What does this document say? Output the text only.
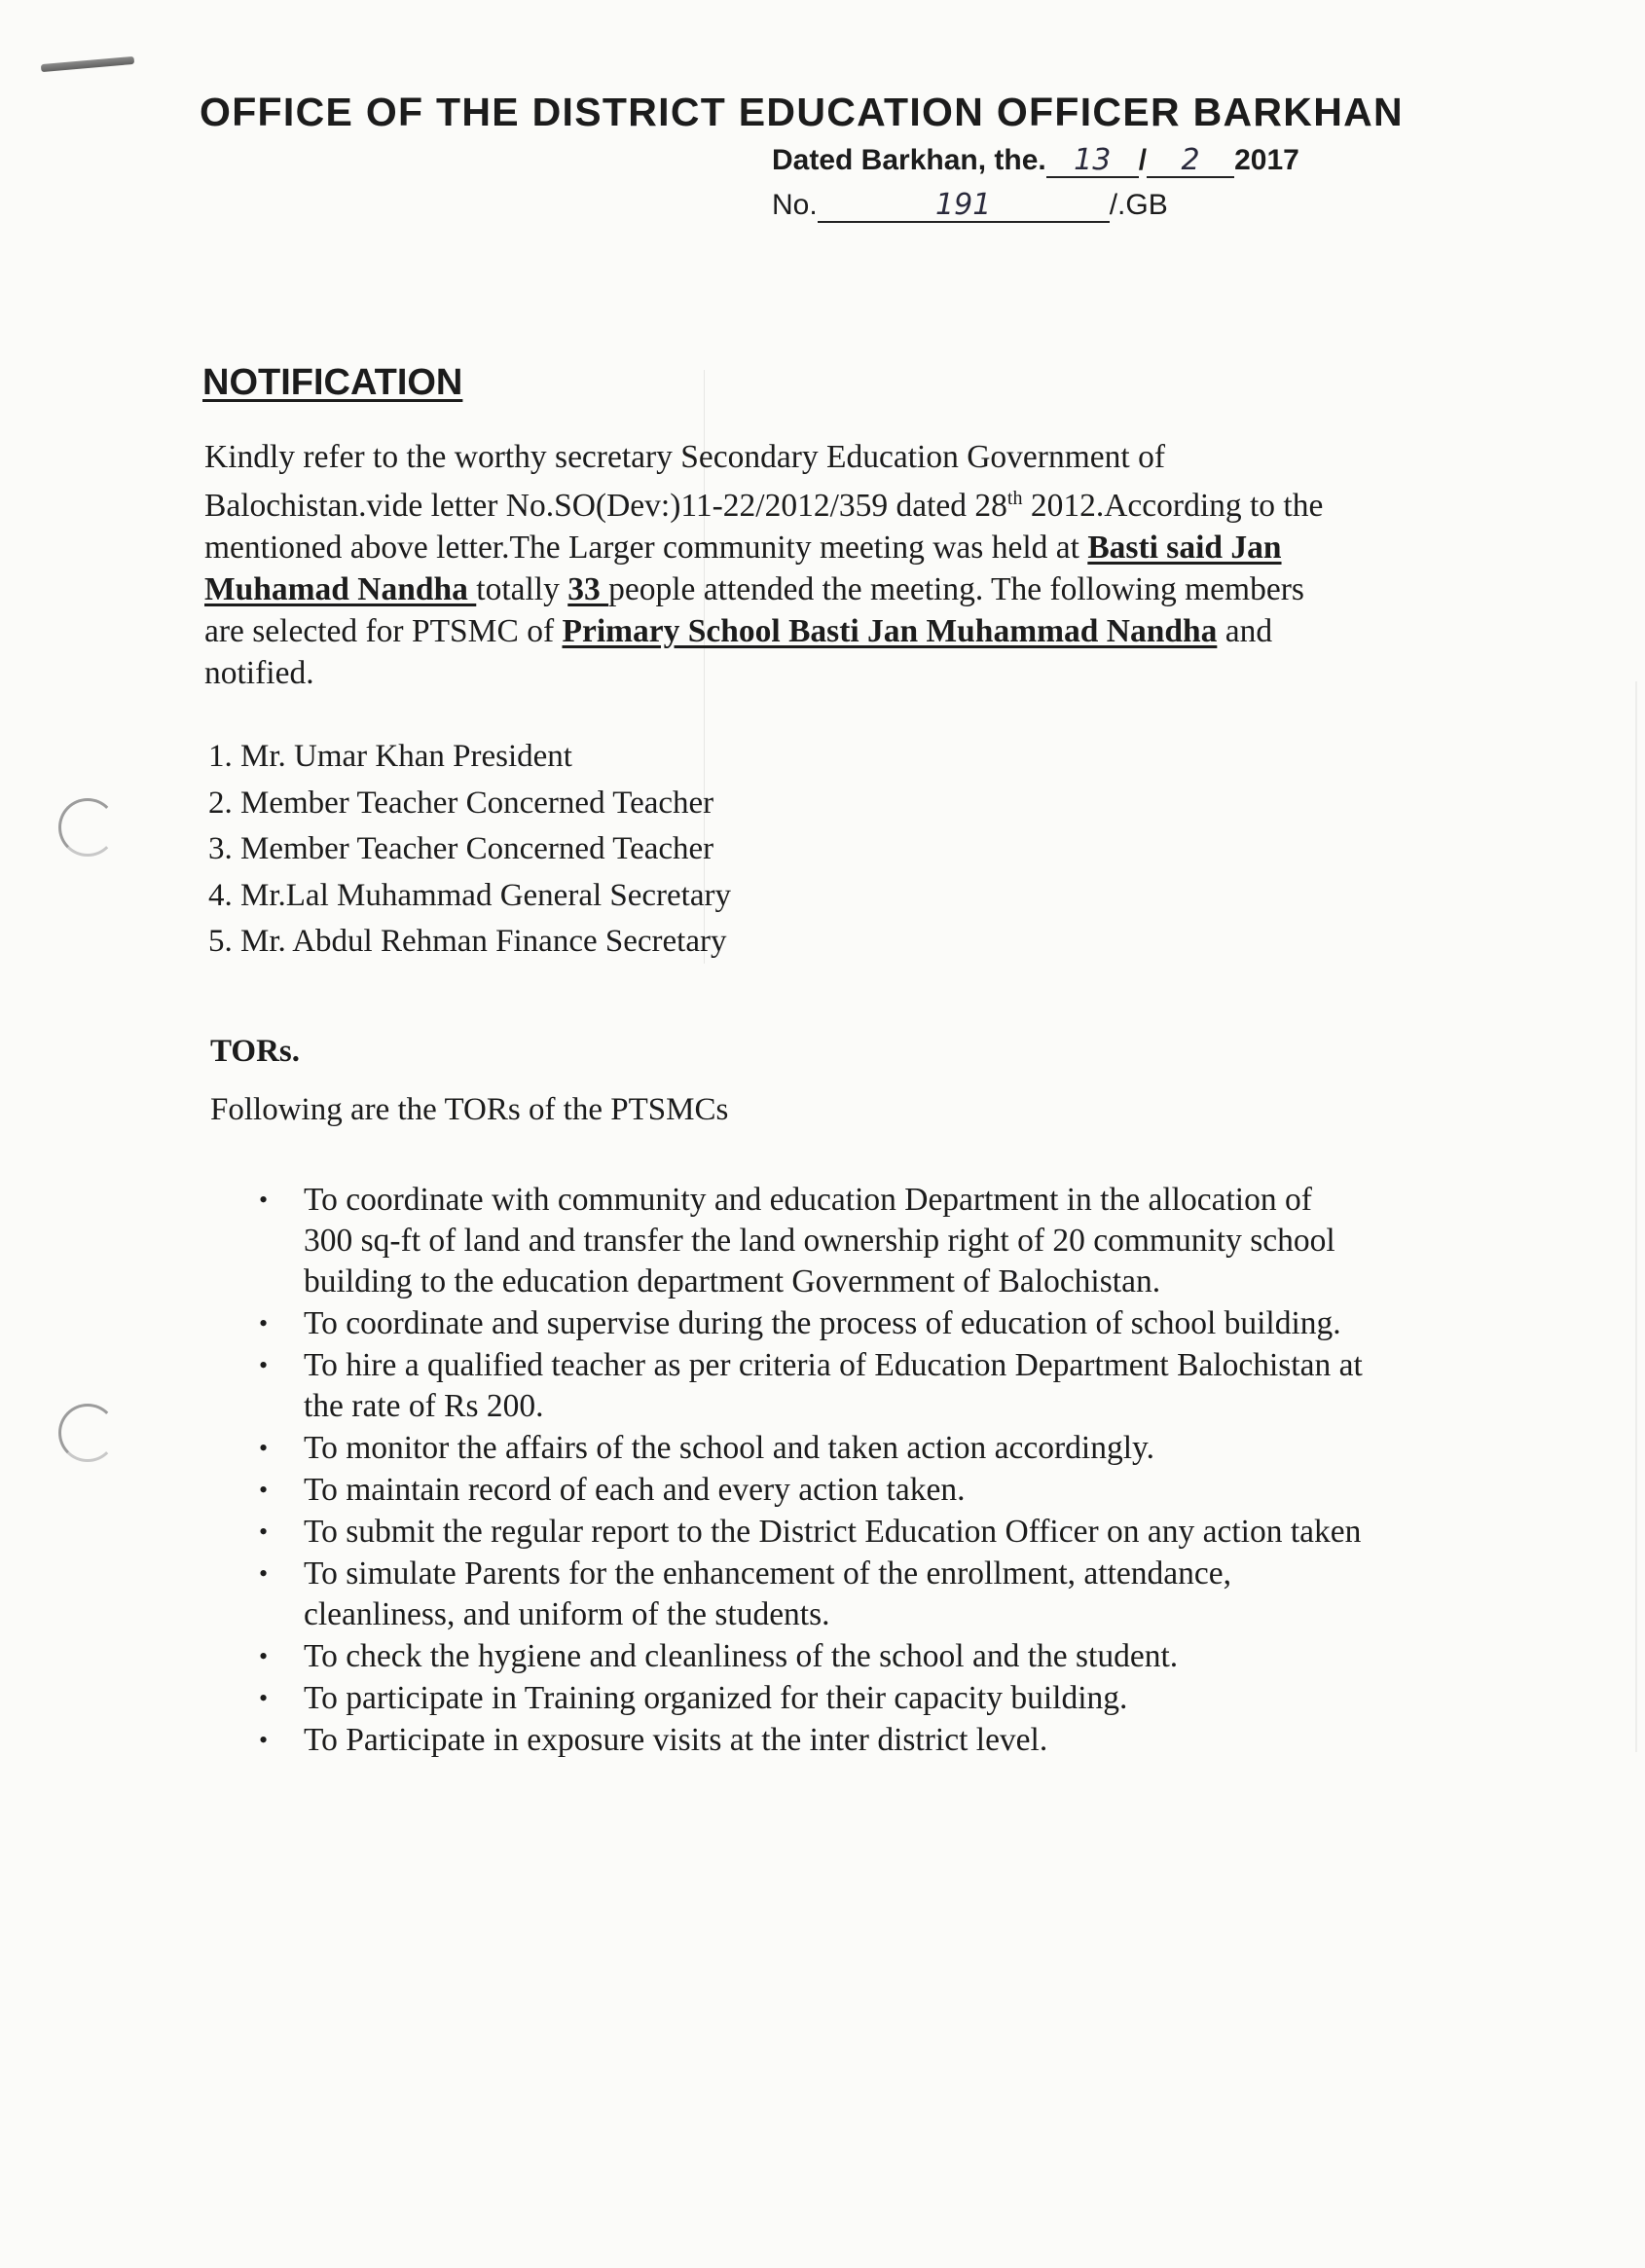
OFFICE OF THE DISTRICT EDUCATION OFFICER BARKHAN
Dated Barkhan, the. 13 / 2 2017
No.	191	/.GB
NOTIFICATION
Kindly refer to the worthy secretary Secondary Education Government of Balochistan.vide letter No.SO(Dev:)11-22/2012/359 dated 28th 2012.According to the mentioned above letter.The Larger community meeting was held at Basti said Jan Muhamad Nandha totally 33 people attended the meeting. The following members are selected for PTSMC of Primary School Basti Jan Muhammad Nandha and notified.
1. Mr. Umar Khan President
2. Member Teacher Concerned Teacher
3. Member Teacher Concerned Teacher
4. Mr.Lal Muhammad General Secretary
5. Mr. Abdul Rehman Finance Secretary
TORs.
Following are the TORs of the PTSMCs
• To coordinate with community and education Department in the allocation of 300 sq-ft of land and transfer the land ownership right of 20 community school building to the education department Government of Balochistan.
• To coordinate and supervise during the process of education of school building.
• To hire a qualified teacher as per criteria of Education Department Balochistan at the rate of Rs 200.
• To monitor the affairs of the school and taken action accordingly.
• To maintain record of each and every action taken.
• To submit the regular report to the District Education Officer on any action taken
• To simulate Parents for the enhancement of the enrollment, attendance, cleanliness, and uniform of the students.
• To check the hygiene and cleanliness of the school and the student.
• To participate in Training organized for their capacity building.
• To Participate in exposure visits at the inter district level.
